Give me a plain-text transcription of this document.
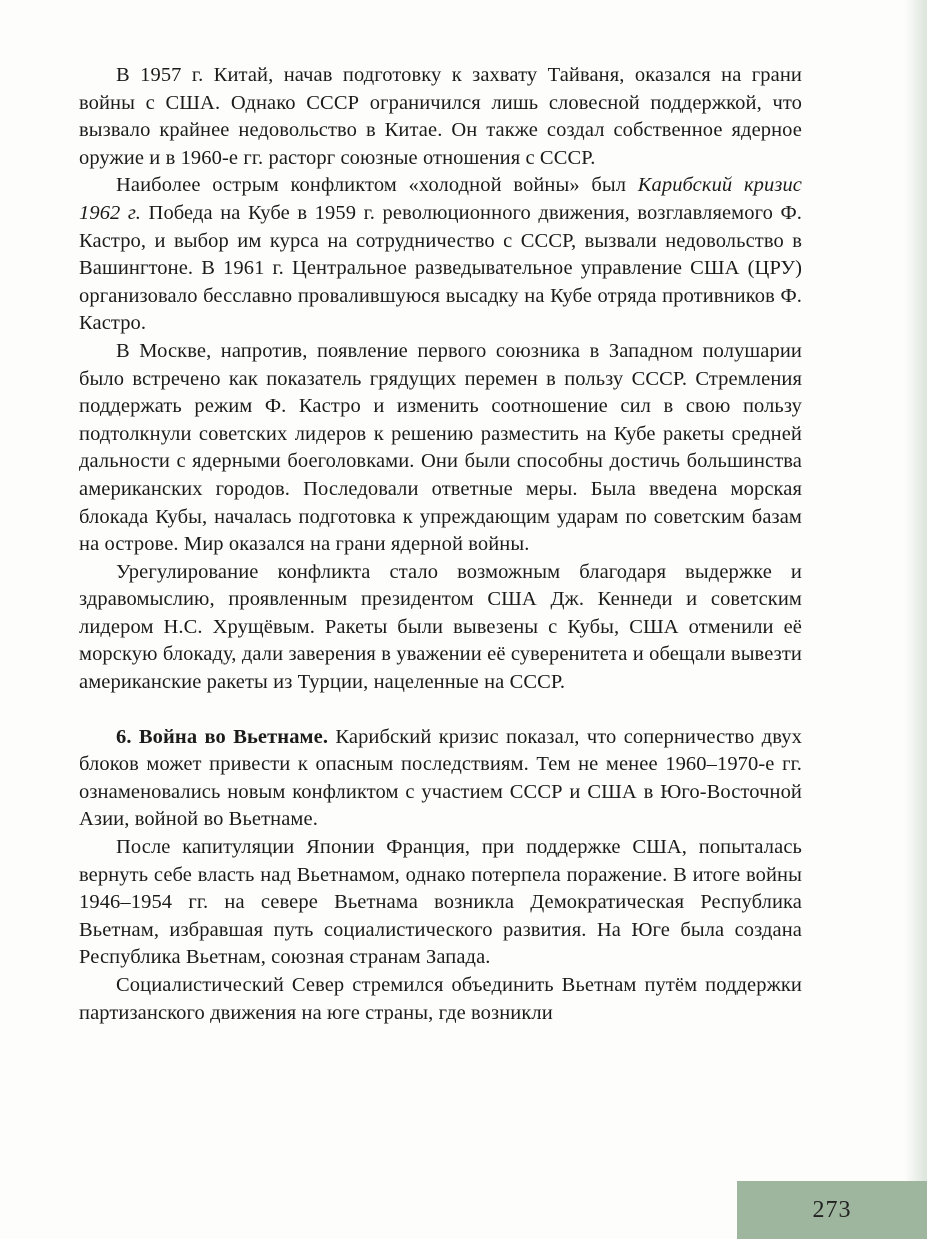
В 1957 г. Китай, начав подготовку к захвату Тайваня, оказался на грани войны с США. Однако СССР ограничился лишь словесной поддержкой, что вызвало крайнее недовольство в Китае. Он также создал собственное ядерное оружие и в 1960-е гг. расторг союзные отношения с СССР.

Наиболее острым конфликтом «холодной войны» был Карибский кризис 1962 г. Победа на Кубе в 1959 г. революционного движения, возглавляемого Ф. Кастро, и выбор им курса на сотрудничество с СССР, вызвали недовольство в Вашингтоне. В 1961 г. Центральное разведывательное управление США (ЦРУ) организовало бесславно провалившуюся высадку на Кубе отряда противников Ф. Кастро.

В Москве, напротив, появление первого союзника в Западном полушарии было встречено как показатель грядущих перемен в пользу СССР. Стремления поддержать режим Ф. Кастро и изменить соотношение сил в свою пользу подтолкнули советских лидеров к решению разместить на Кубе ракеты средней дальности с ядерными боеголовками. Они были способны достичь большинства американских городов. Последовали ответные меры. Была введена морская блокада Кубы, началась подготовка к упреждающим ударам по советским базам на острове. Мир оказался на грани ядерной войны.

Урегулирование конфликта стало возможным благодаря выдержке и здравомыслию, проявленным президентом США Дж. Кеннеди и советским лидером Н.С. Хрущёвым. Ракеты были вывезены с Кубы, США отменили её морскую блокаду, дали заверения в уважении её суверенитета и обещали вывезти американские ракеты из Турции, нацеленные на СССР.

6. Война во Вьетнаме. Карибский кризис показал, что соперничество двух блоков может привести к опасным последствиям. Тем не менее 1960–1970-е гг. ознаменовались новым конфликтом с участием СССР и США в Юго-Восточной Азии, войной во Вьетнаме.

После капитуляции Японии Франция, при поддержке США, попыталась вернуть себе власть над Вьетнамом, однако потерпела поражение. В итоге войны 1946–1954 гг. на севере Вьетнама возникла Демократическая Республика Вьетнам, избравшая путь социалистического развития. На Юге была создана Республика Вьетнам, союзная странам Запада.

Социалистический Север стремился объединить Вьетнам путём поддержки партизанского движения на юге страны, где возникли

273
